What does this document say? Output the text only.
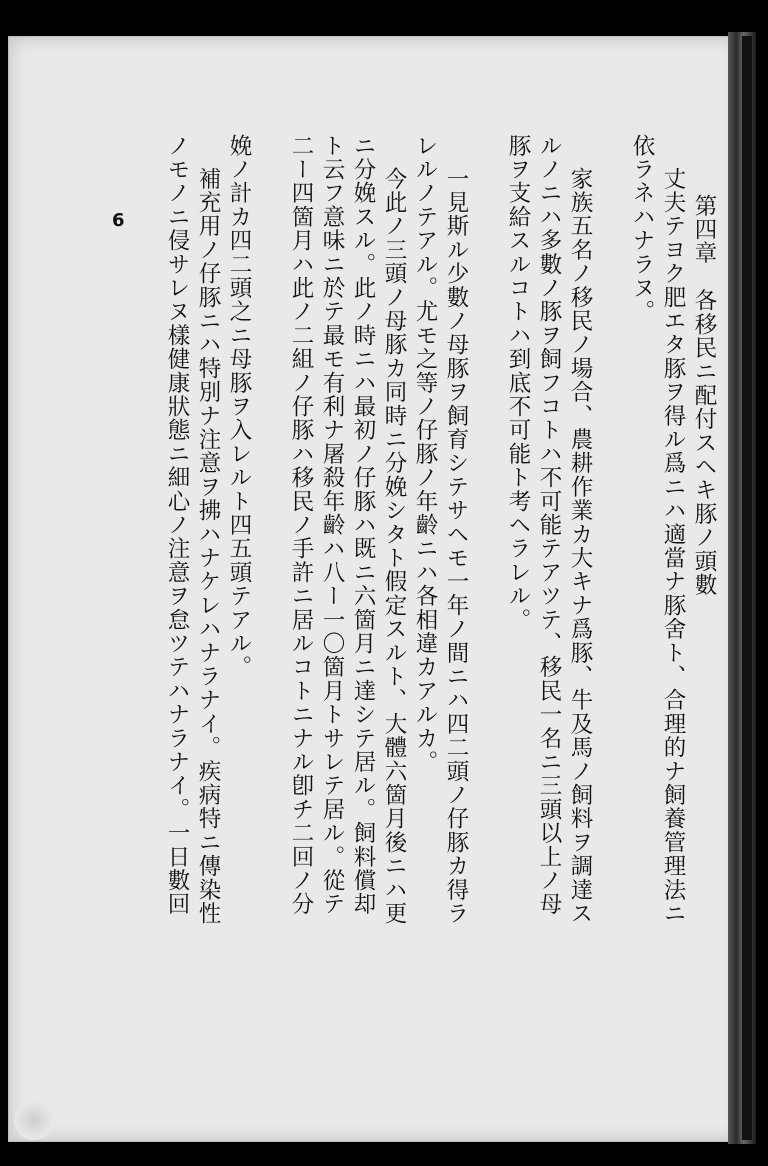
第四章　各移民ニ配付スヘキ豚ノ頭數
丈夫テヨク肥エタ豚ヲ得ル爲ニハ適當ナ豚舍ト、合理的ナ飼養管理法ニ
依ラネハナラヌ。
家族五名ノ移民ノ場合、農耕作業カ大キナ爲豚、牛及馬ノ飼料ヲ調達ス
ルノニハ多數ノ豚ヲ飼フコトハ不可能テアツテ、移民一名ニ三頭以上ノ母
豚ヲ支給スルコトハ到底不可能ト考ヘラレル。
一見斯ル少數ノ母豚ヲ飼育シテサヘモ一年ノ間ニハ四二頭ノ仔豚カ得ラ
レルノテアル。尤モ之等ノ仔豚ノ年齡ニハ各相違カアルカ。
今此ノ三頭ノ母豚カ同時ニ分娩シタト假定スルト、大體六箇月後ニハ更
ニ分娩スル。此ノ時ニハ最初ノ仔豚ハ既ニ六箇月ニ達シテ居ル。飼料償却
ト云フ意味ニ於テ最モ有利ナ屠殺年齡ハ八ー一〇箇月トサレテ居ル。從テ
二ー四箇月ハ此ノ二組ノ仔豚ハ移民ノ手許ニ居ルコトニナル卽チ二回ノ分
娩ノ計カ四二頭之ニ母豚ヲ入レルト四五頭テアル。
補充用ノ仔豚ニハ特別ナ注意ヲ拂ハナケレハナラナイ。疾病特ニ傳染性
ノモノニ侵サレヌ樣健康狀態ニ細心ノ注意ヲ怠ツテハナラナイ。一日數回
6
